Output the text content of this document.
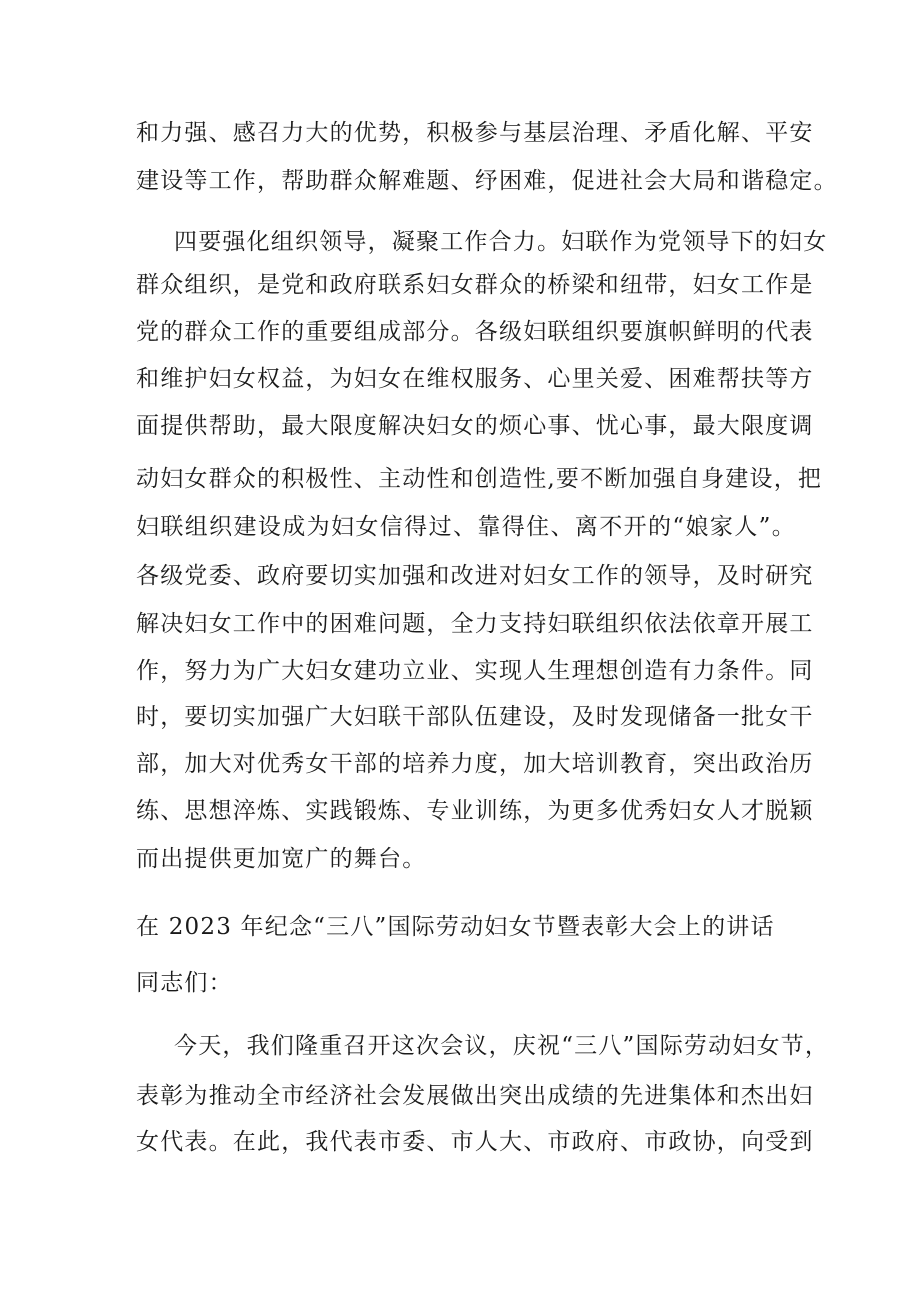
和力强、感召力大的优势，积极参与基层治理、矛盾化解、平安
建设等工作，帮助群众解难题、纾困难，促进社会大局和谐稳定。
四要强化组织领导，凝聚工作合力。妇联作为党领导下的妇女
群众组织，是党和政府联系妇女群众的桥梁和纽带，妇女工作是
党的群众工作的重要组成部分。各级妇联组织要旗帜鲜明的代表
和维护妇女权益，为妇女在维权服务、心里关爱、困难帮扶等方
面提供帮助，最大限度解决妇女的烦心事、忧心事，最大限度调
动妇女群众的积极性、主动性和创造性,要不断加强自身建设，把
妇联组织建设成为妇女信得过、靠得住、离不开的“娘家人”。
各级党委、政府要切实加强和改进对妇女工作的领导，及时研究
解决妇女工作中的困难问题，全力支持妇联组织依法依章开展工
作，努力为广大妇女建功立业、实现人生理想创造有力条件。同
时，要切实加强广大妇联干部队伍建设，及时发现储备一批女干
部，加大对优秀女干部的培养力度，加大培训教育，突出政治历
练、思想淬炼、实践锻炼、专业训练，为更多优秀妇女人才脱颖
而出提供更加宽广的舞台。
在 2023 年纪念“三八”国际劳动妇女节暨表彰大会上的讲话
同志们：
今天，我们隆重召开这次会议，庆祝“三八”国际劳动妇女节，
表彰为推动全市经济社会发展做出突出成绩的先进集体和杰出妇
女代表。在此，我代表市委、市人大、市政府、市政协，向受到
